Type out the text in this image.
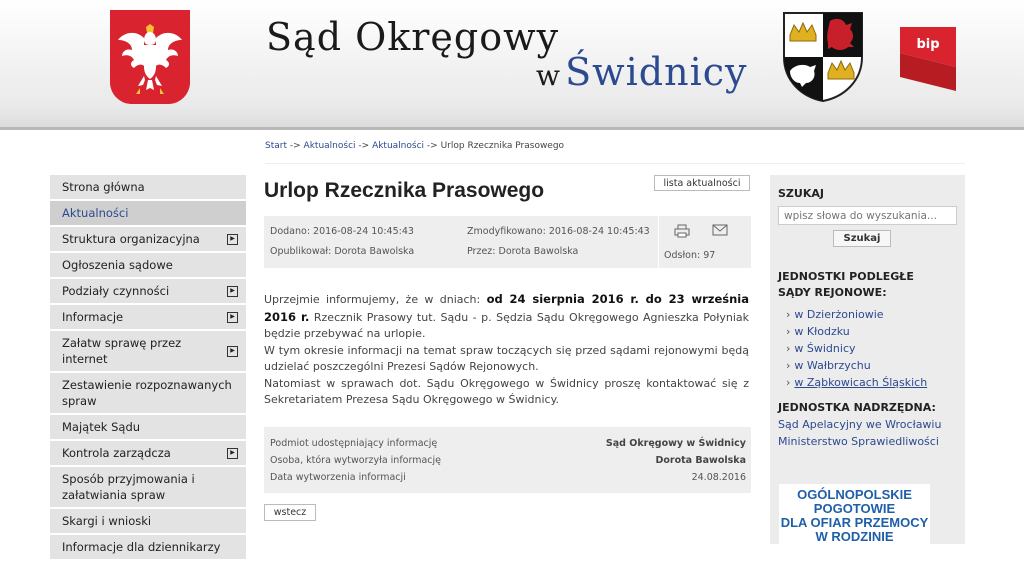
Sąd Okręgowy
w Świdnicy
bip
Start -> Aktualności -> Aktualności -> Urlop Rzecznika Prasowego
Strona główna
Aktualności
Struktura organizacyjna	▶
Ogłoszenia sądowe
Podziały czynności	▶
Informacje	▶
Załatw sprawę przez internet
▶
Zestawienie rozpoznawanych spraw
Majątek Sądu
Kontrola zarządcza	▶
Sposób przyjmowania i załatwiania spraw
Skargi i wnioski
Informacje dla dziennikarzy
Urlop Rzecznika Prasowego	lista aktualności
Dodano: 2016-08-24 10:45:43	Zmodyfikowano: 2016-08-24 10:45:43
Opublikował: Dorota Bawolska	Przez: Dorota Bawolska	Odsłon: 97

Uprzejmie informujemy, że w dniach: od 24 sierpnia 2016 r. do 23 września 2016 r. Rzecznik Prasowy tut. Sądu - p. Sędzia Sądu Okręgowego Agnieszka Połyniak będzie przebywać na urlopie.

W tym okresie informacji na temat spraw toczących się przed sądami rejonowymi będą udzielać poszczególni Prezesi Sądów Rejonowych.

Natomiast w sprawach dot. Sądu Okręgowego w Świdnicy proszę kontaktować się z Sekretariatem Prezesa Sądu Okręgowego w Świdnicy.

Podmiot udostępniający informację	Sąd Okręgowy w Świdnicy
Osoba, która wytworzyła informację	Dorota Bawolska
Data wytworzenia informacji	24.08.2016
wstecz
SZUKAJ
wpisz słowa do wyszukania...
Szukaj
JEDNOSTKI PODLEGŁE
SĄDY REJONOWE:
› w Dzierżoniowie
› w Kłodzku
› w Świdnicy
› w Wałbrzychu
› w Ząbkowicach Śląskich
JEDNOSTKA NADRZĘDNA:
Sąd Apelacyjny we Wrocławiu
Ministerstwo Sprawiedliwości
OGÓLNOPOLSKIE
POGOTOWIE
DLA OFIAR PRZEMOCY
W RODZINIE
